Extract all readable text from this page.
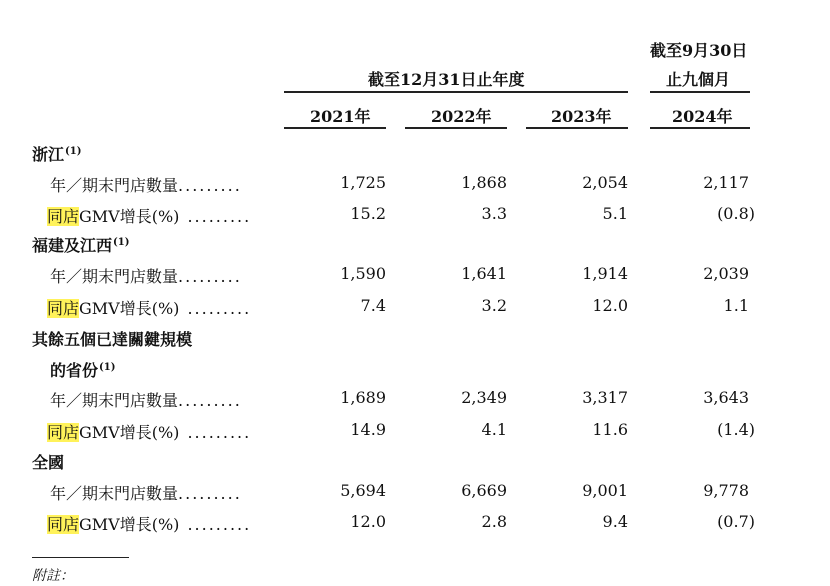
截至9月30日
截至12月31日止年度	止九個月
2021年	2022年	2023年	2024年
浙江$^{(1)}$
年／期末門店數量.........	1,725	1,868	2,054	2,117
同店GMV增長(%) .........	15.2	3.3	5.1	(0.8)
福建及江西$^{(1)}$
年／期末門店數量.........	1,590	1,641	1,914	2,039
同店GMV增長(%) .........	7.4	3.2	12.0	1.1
其餘五個已達關鍵規模
的省份$^{(1)}$
年／期末門店數量.........	1,689	2,349	3,317	3,643
同店GMV增長(%) .........	14.9	4.1	11.6	(1.4)
全國
年／期末門店數量.........	5,694	6,669	9,001	9,778
同店GMV增長(%) .........	12.0	2.8	9.4	(0.7)
附註：
